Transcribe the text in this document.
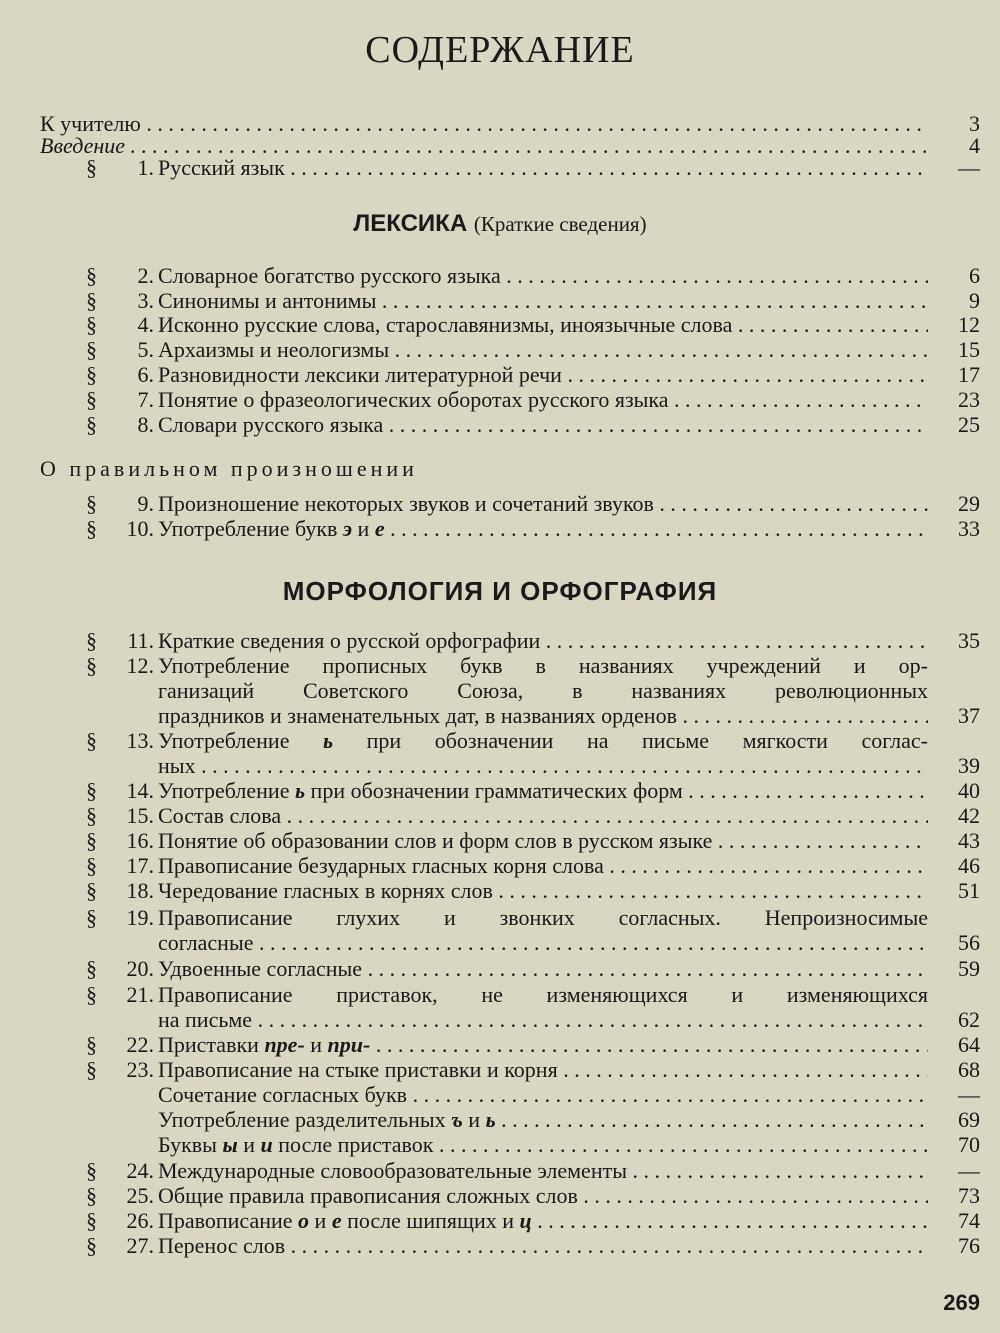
СОДЕРЖАНИЕ
К учителю . . .	3
Введение . . .	4
§	1. Русский язык . . .	—
ЛЕКСИКА (Краткие сведения)
§	2. Словарное богатство русского языка . . .	6
§	3. Синонимы и антонимы . . .	9
§	4. Исконно русские слова, старославянизмы, иноязычные слова . . .	12
§	5. Архаизмы и неологизмы . . .	15
§	6. Разновидности лексики литературной речи . . .	17
§	7. Понятие о фразеологических оборотах русского языка . . .	23
§	8. Словари русского языка . . .	25
О правильном произношении
§	9. Произношение некоторых звуков и сочетаний звуков . . .	29
§ 10. Употребление букв э и е . . .	33
МОРФОЛОГИЯ И ОРФОГРАФИЯ
§	11. Краткие сведения о русской орфографии . . .	35
§ 12. Употребление прописных букв в названиях учреждений и ор-
ганизаций Советского Союза, в названиях революционных
праздников и знаменательных дат, в названиях орденов . . .	37
§ 13. Употребление ь при обозначении на письме мягкости соглас-
ных . . .	39
§ 14. Употребление ь при обозначении грамматических форм . . .	40
§ 15. Состав слова . . .	42
§ 16. Понятие об образовании слов и форм слов в русском языке . . .	43
§ 17. Правописание безударных гласных корня слова . . .	46
§ 18. Чередование гласных в корнях слов . . .	51
§ 19. Правописание глухих и звонких согласных. Непроизносимые
согласные . . .	56
§ 20. Удвоенные согласные . . .	59
§ 21. Правописание приставок, не изменяющихся и изменяющихся
на письме . . .	62
§ 22. Приставки пре- и при- . . .	64
§ 23. Правописание на стыке приставки и корня . . .	68
Сочетание согласных букв . . .	—
Употребление разделительных ъ и ь . . .	69
Буквы ы и и после приставок . . .	70
§ 24. Международные словообразовательные элементы . . .	—
§ 25. Общие правила правописания сложных слов . . .	73
§ 26. Правописание о и е после шипящих и ц . . .	74
§ 27. Перенос слов . . .	76
269
